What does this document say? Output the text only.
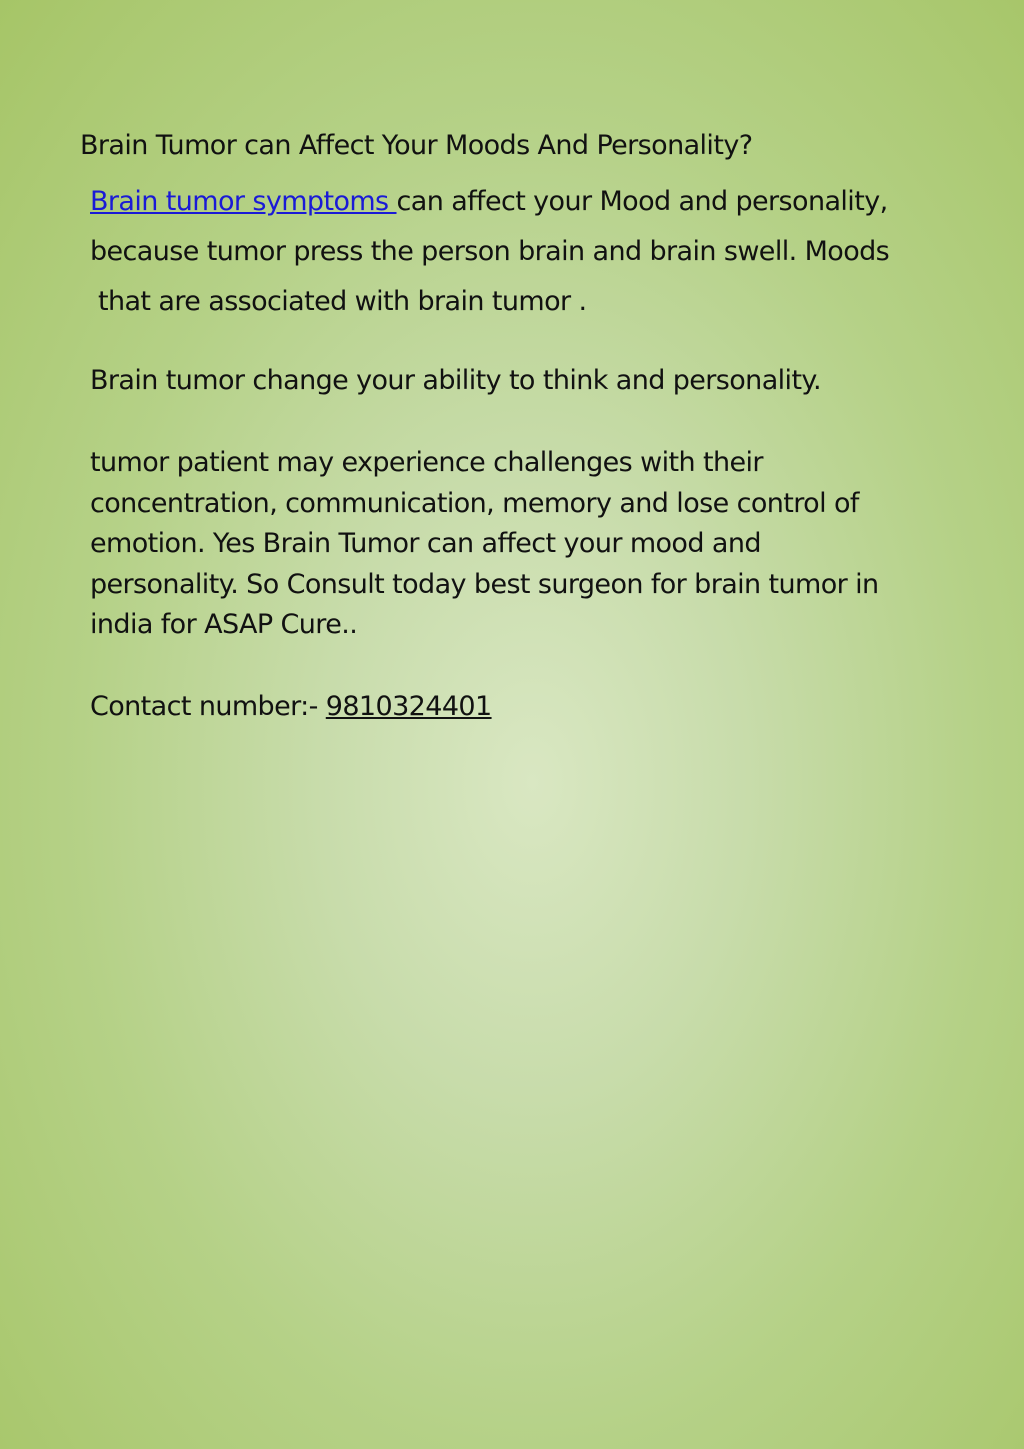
Brain Tumor can Affect Your Moods And Personality?
Brain tumor symptoms can affect your Mood and personality,
because tumor press the person brain and brain swell. Moods
that are associated with brain tumor .
Brain tumor change your ability to think and personality.
tumor patient may experience challenges with their
concentration, communication, memory and lose control of
emotion. Yes Brain Tumor can affect your mood and
personality. So Consult today best surgeon for brain tumor in
india for ASAP Cure..
Contact number:- 9810324401
